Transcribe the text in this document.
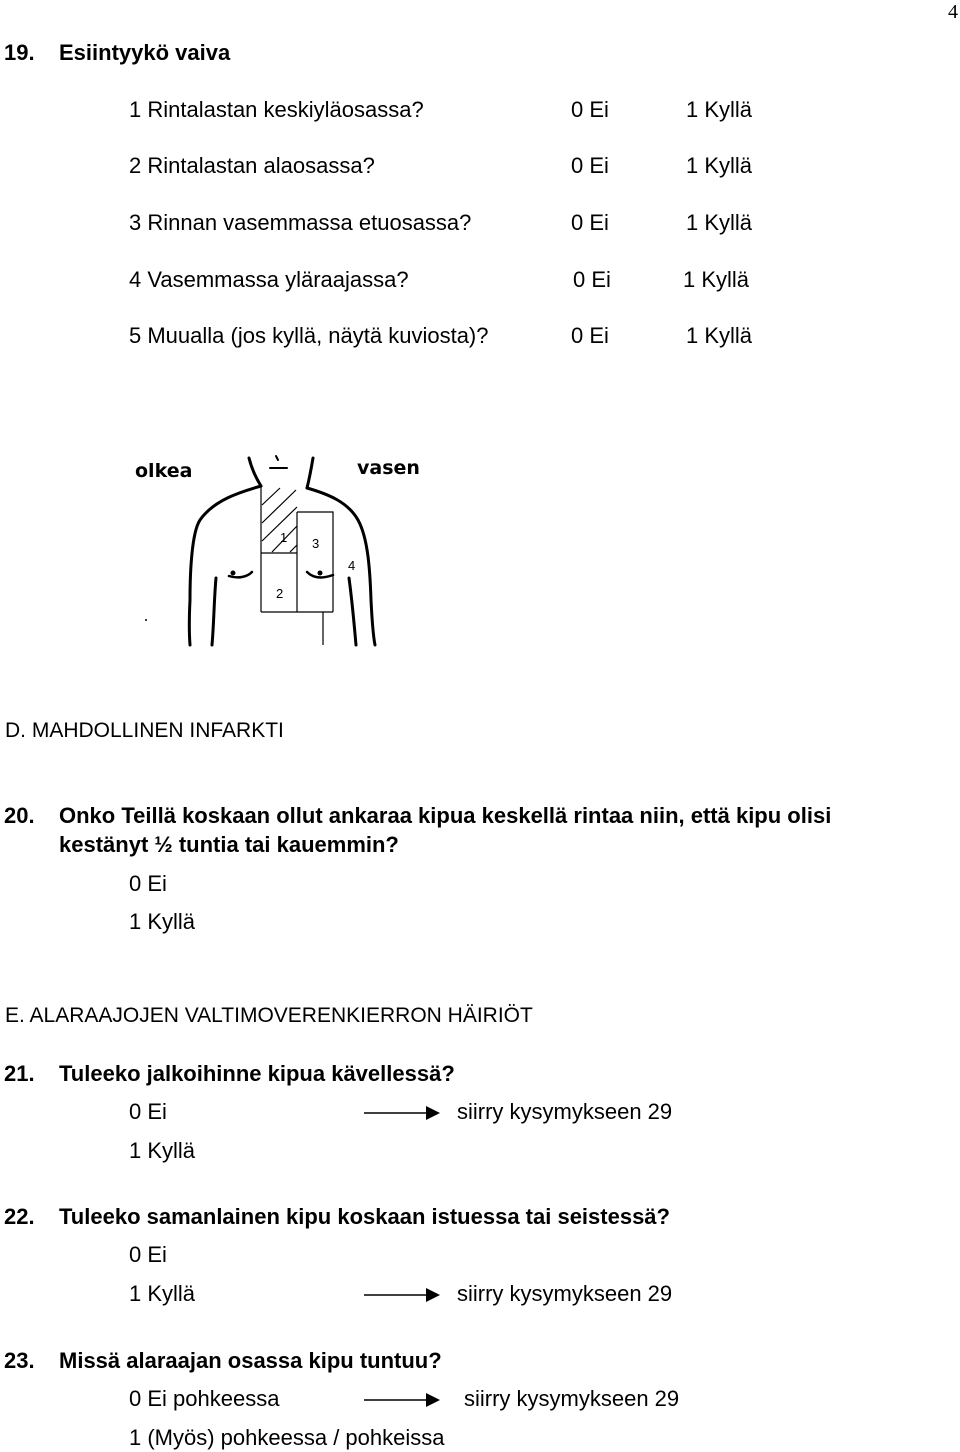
4
19. Esiintyykö vaiva
1 Rintalastan keskiyläosassa?	0 Ei	1 Kyllä
2 Rintalastan alaosassa?	0 Ei	1 Kyllä
3 Rinnan vasemmassa etuosassa?	0 Ei	1 Kyllä
4 Vasemmassa yläraajassa?	0 Ei	1 Kyllä
5 Muualla (jos kyllä, näytä kuviosta)?	0 Ei	1 Kyllä
olkea	vasen
1
2
3
4
D. MAHDOLLINEN INFARKTI
20. Onko Teillä koskaan ollut ankaraa kipua keskellä rintaa niin, että kipu olisi
kestänyt ½ tuntia tai kauemmin?
0 Ei
1 Kyllä
E. ALARAAJOJEN VALTIMOVERENKIERRON HÄIRIÖT
21. Tuleeko jalkoihinne kipua kävellessä?
0 Ei	siirry kysymykseen 29
1 Kyllä
22. Tuleeko samanlainen kipu koskaan istuessa tai seistessä?
0 Ei
1 Kyllä	siirry kysymykseen 29
23. Missä alaraajan osassa kipu tuntuu?
0 Ei pohkeessa	siirry kysymykseen 29
1 (Myös) pohkeessa / pohkeissa
